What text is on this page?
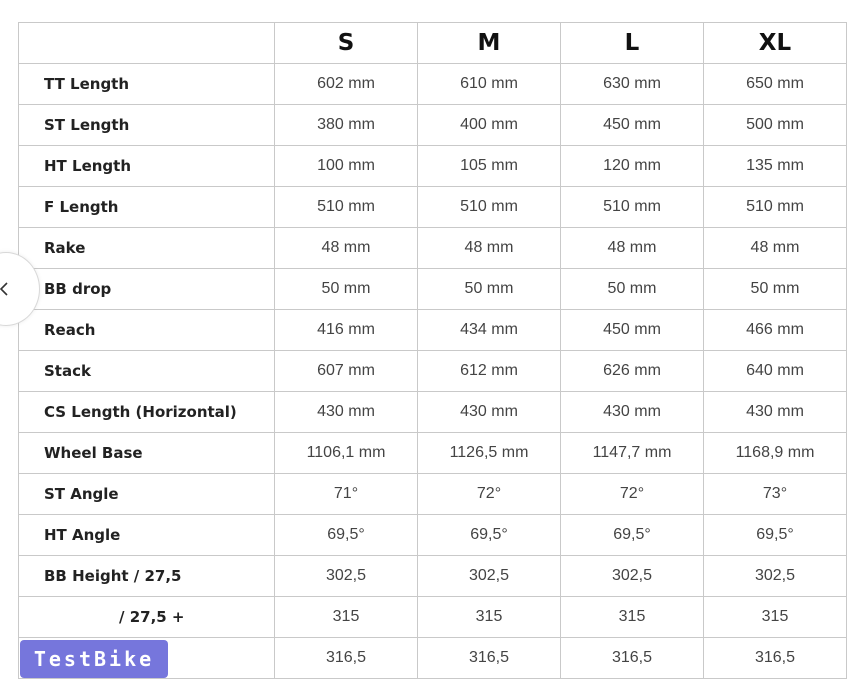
	S	M	L	XL
TT Length	602 mm	610 mm	630 mm	650 mm
ST Length	380 mm	400 mm	450 mm	500 mm
HT Length	100 mm	105 mm	120 mm	135 mm
F Length	510 mm	510 mm	510 mm	510 mm
Rake	48 mm	48 mm	48 mm	48 mm
BB drop	50 mm	50 mm	50 mm	50 mm
Reach	416 mm	434 mm	450 mm	466 mm
Stack	607 mm	612 mm	626 mm	640 mm
CS Length (Horizontal)	430 mm	430 mm	430 mm	430 mm
Wheel Base	1106,1 mm	1126,5 mm	1147,7 mm	1168,9 mm
ST Angle	71°	72°	72°	73°
HT Angle	69,5°	69,5°	69,5°	69,5°
BB Height / 27,5	302,5	302,5	302,5	302,5
/ 27,5 +	315	315	315	315
	316,5	316,5	316,5	316,5
TestBike
